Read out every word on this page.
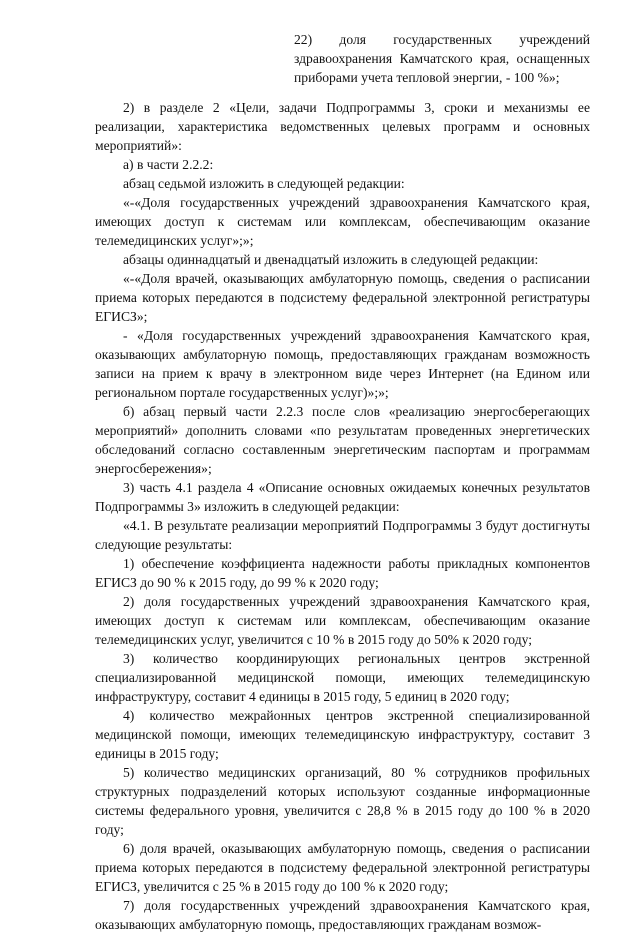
22) доля государственных учреждений здравоохранения Камчатского края, оснащенных приборами учета тепловой энергии, - 100 %»;

2) в разделе 2 «Цели, задачи Подпрограммы 3, сроки и механизмы ее реализации, характеристика ведомственных целевых программ и основных мероприятий»:

а) в части 2.2.2:

абзац седьмой изложить в следующей редакции:

«-«Доля государственных учреждений здравоохранения Камчатского края, имеющих доступ к системам или комплексам, обеспечивающим оказание телемедицинских услуг»;»;

абзацы одиннадцатый и двенадцатый изложить в следующей редакции:

«-«Доля врачей, оказывающих амбулаторную помощь, сведения о расписании приема которых передаются в подсистему федеральной электронной регистратуры ЕГИСЗ»;

- «Доля государственных учреждений здравоохранения Камчатского края, оказывающих амбулаторную помощь, предоставляющих гражданам возможность записи на прием к врачу в электронном виде через Интернет (на Едином или региональном портале государственных услуг)»;»;

б) абзац первый части 2.2.3 после слов «реализацию энергосберегающих мероприятий» дополнить словами «по результатам проведенных энергетических обследований согласно составленным энергетическим паспортам и программам энергосбережения»;

3) часть 4.1 раздела 4 «Описание основных ожидаемых конечных результатов Подпрограммы 3» изложить в следующей редакции:

«4.1. В результате реализации мероприятий Подпрограммы 3 будут достигнуты следующие результаты:

1) обеспечение коэффициента надежности работы прикладных компонентов ЕГИСЗ до 90 % к 2015 году, до 99 % к 2020 году;

2) доля государственных учреждений здравоохранения Камчатского края, имеющих доступ к системам или комплексам, обеспечивающим оказание телемедицинских услуг, увеличится с 10 % в 2015 году до 50% к 2020 году;

3) количество координирующих региональных центров экстренной специализированной медицинской помощи, имеющих телемедицинскую инфраструктуру, составит 4 единицы в 2015 году, 5 единиц в 2020 году;

4) количество межрайонных центров экстренной специализированной медицинской помощи, имеющих телемедицинскую инфраструктуру, составит 3 единицы в 2015 году;

5) количество медицинских организаций, 80 % сотрудников профильных структурных подразделений которых используют созданные информационные системы федерального уровня, увеличится с 28,8 % в 2015 году до 100 % в 2020 году;

6) доля врачей, оказывающих амбулаторную помощь, сведения о расписании приема которых передаются в подсистему федеральной электронной регистратуры ЕГИСЗ, увеличится с 25 % в 2015 году до 100 % к 2020 году;

7) доля государственных учреждений здравоохранения Камчатского края, оказывающих амбулаторную помощь, предоставляющих гражданам возмож-
